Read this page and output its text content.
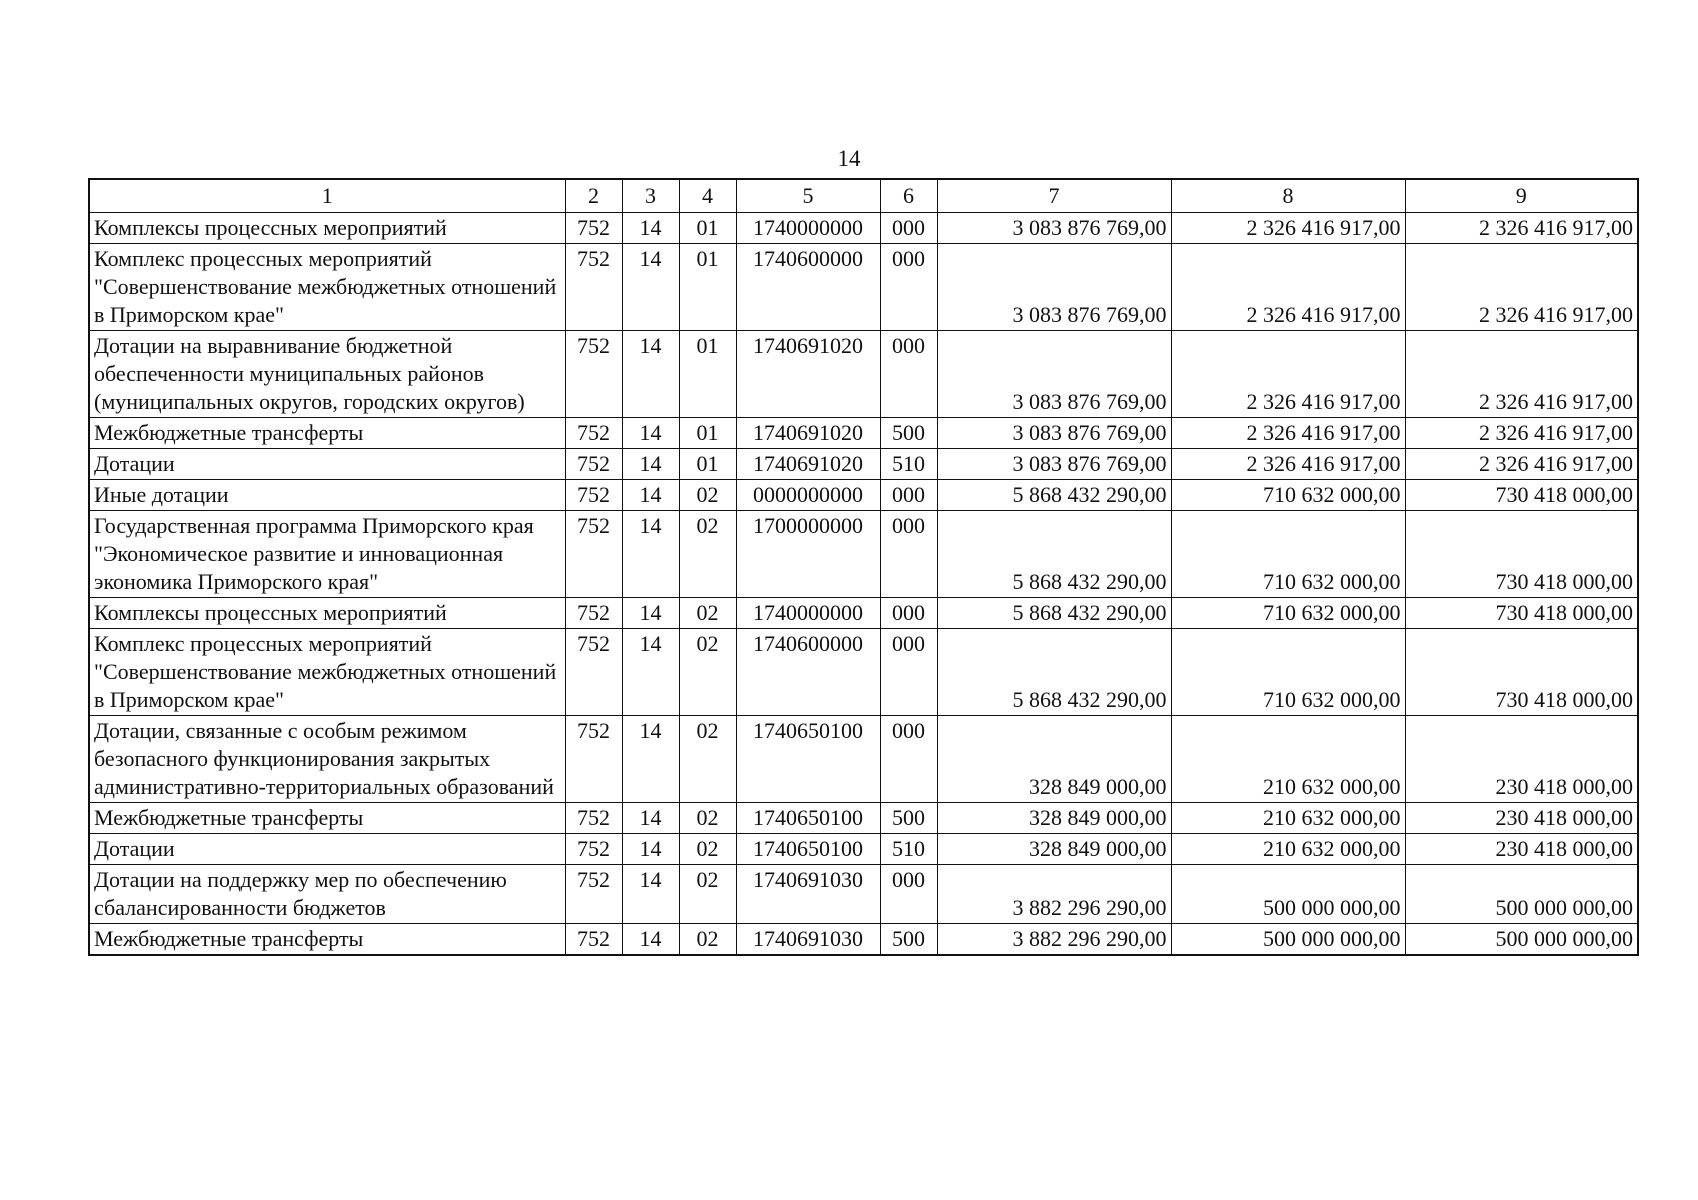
14
1	2	3	4	5	6	7	8	9
Комплексы процессных мероприятий	752	14	01	1740000000	000	3 083 876 769,00	2 326 416 917,00	2 326 416 917,00
Комплекс процессных мероприятий "Совершенствование межбюджетных отношений в Приморском крае"	752	14	01	1740600000	000	3 083 876 769,00	2 326 416 917,00	2 326 416 917,00
Дотации на выравнивание бюджетной обеспеченности муниципальных районов (муниципальных округов, городских округов)	752	14	01	1740691020	000	3 083 876 769,00	2 326 416 917,00	2 326 416 917,00
Межбюджетные трансферты	752	14	01	1740691020	500	3 083 876 769,00	2 326 416 917,00	2 326 416 917,00
Дотации	752	14	01	1740691020	510	3 083 876 769,00	2 326 416 917,00	2 326 416 917,00
Иные дотации	752	14	02	0000000000	000	5 868 432 290,00	710 632 000,00	730 418 000,00
Государственная программа Приморского края "Экономическое развитие и инновационная экономика Приморского края"	752	14	02	1700000000	000	5 868 432 290,00	710 632 000,00	730 418 000,00
Комплексы процессных мероприятий	752	14	02	1740000000	000	5 868 432 290,00	710 632 000,00	730 418 000,00
Комплекс процессных мероприятий "Совершенствование межбюджетных отношений в Приморском крае"	752	14	02	1740600000	000	5 868 432 290,00	710 632 000,00	730 418 000,00
Дотации, связанные с особым режимом безопасного функционирования закрытых административно-территориальных образований	752	14	02	1740650100	000	328 849 000,00	210 632 000,00	230 418 000,00
Межбюджетные трансферты	752	14	02	1740650100	500	328 849 000,00	210 632 000,00	230 418 000,00
Дотации	752	14	02	1740650100	510	328 849 000,00	210 632 000,00	230 418 000,00
Дотации на поддержку мер по обеспечению сбалансированности бюджетов	752	14	02	1740691030	000	3 882 296 290,00	500 000 000,00	500 000 000,00
Межбюджетные трансферты	752	14	02	1740691030	500	3 882 296 290,00	500 000 000,00	500 000 000,00
